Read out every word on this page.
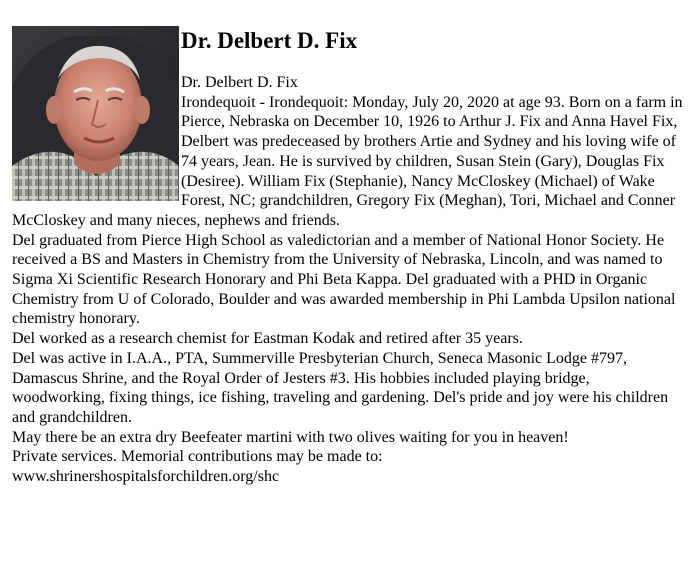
Dr. Delbert D. Fix
Dr. Delbert D. Fix
Irondequoit - Irondequoit: Monday, July 20, 2020 at age 93. Born on a farm in Pierce, Nebraska on December 10, 1926 to Arthur J. Fix and Anna Havel Fix, Delbert was predeceased by brothers Artie and Sydney and his loving wife of 74 years, Jean. He is survived by children, Susan Stein (Gary), Douglas Fix (Desiree). William Fix (Stephanie), Nancy McCloskey (Michael) of Wake Forest, NC; grandchildren, Gregory Fix (Meghan), Tori, Michael and Conner McCloskey and many nieces, nephews and friends.
Del graduated from Pierce High School as valedictorian and a member of National Honor Society. He received a BS and Masters in Chemistry from the University of Nebraska, Lincoln, and was named to Sigma Xi Scientific Research Honorary and Phi Beta Kappa. Del graduated with a PHD in Organic Chemistry from U of Colorado, Boulder and was awarded membership in Phi Lambda Upsilon national chemistry honorary.
Del worked as a research chemist for Eastman Kodak and retired after 35 years.
Del was active in I.A.A., PTA, Summerville Presbyterian Church, Seneca Masonic Lodge #797, Damascus Shrine, and the Royal Order of Jesters #3. His hobbies included playing bridge, woodworking, fixing things, ice fishing, traveling and gardening. Del's pride and joy were his children and grandchildren.
May there be an extra dry Beefeater martini with two olives waiting for you in heaven!
Private services. Memorial contributions may be made to:
www.shrinershospitalsforchildren.org/shc
